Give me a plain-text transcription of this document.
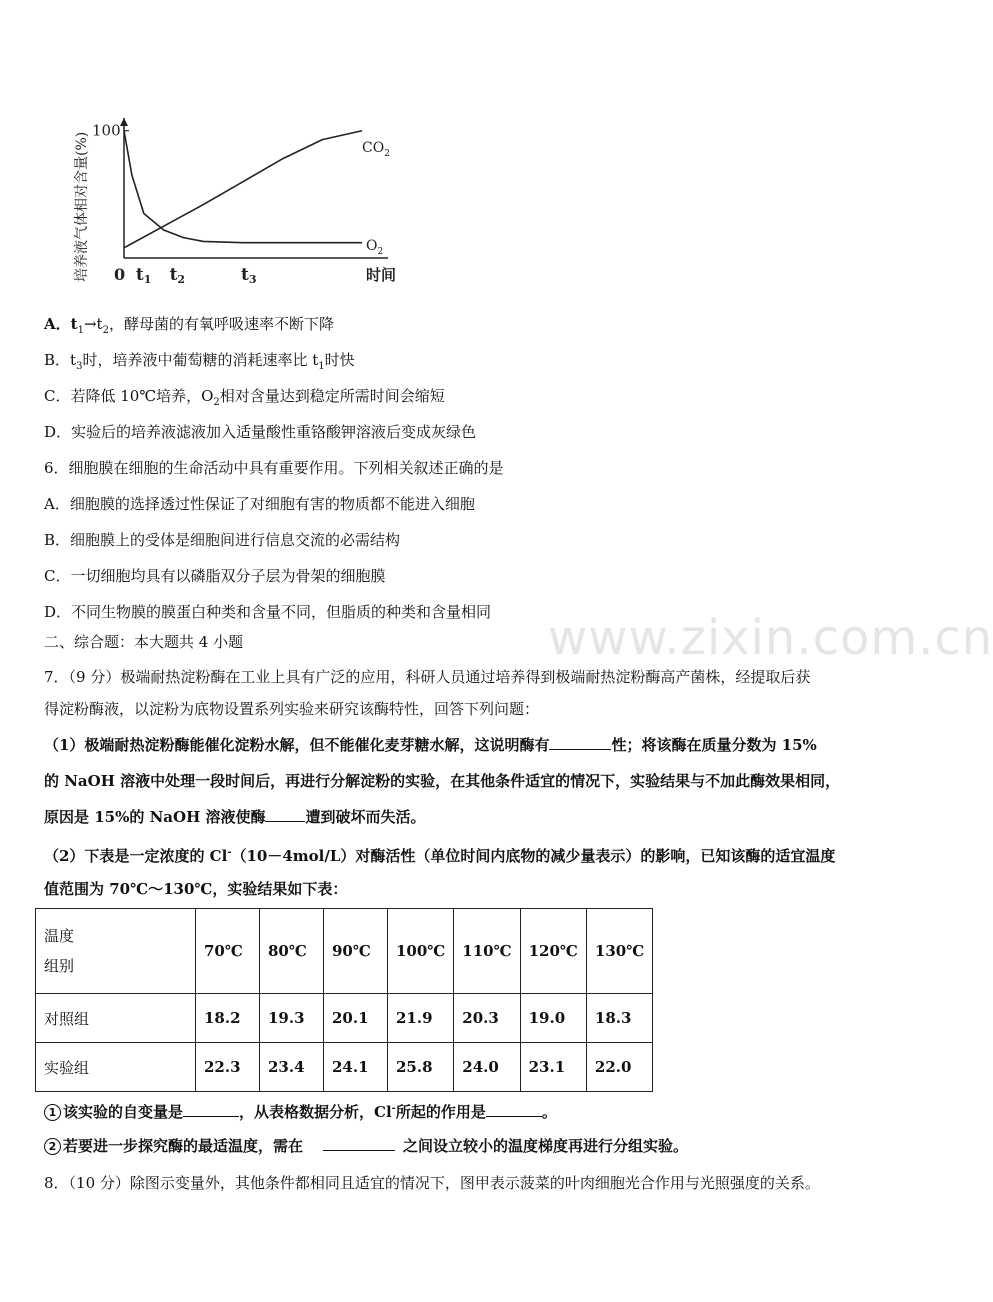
100
0 t1 t2	t3	时间
$CO_2$
$O_2$
培养液气体相对含量(%)
A．$t_1\to t_2$，酵母菌的有氧呼吸速率不断下降
B．$t_3$时，培养液中葡萄糖的消耗速率比 $t_1$时快
C．若降低 10℃培养，$O_2$相对含量达到稳定所需时间会缩短
D．实验后的培养液滤液加入适量酸性重铬酸钾溶液后变成灰绿色
6．细胞膜在细胞的生命活动中具有重要作用。下列相关叙述正确的是
A．细胞膜的选择透过性保证了对细胞有害的物质都不能进入细胞
B．细胞膜上的受体是细胞间进行信息交流的必需结构
C．一切细胞均具有以磷脂双分子层为骨架的细胞膜
D．不同生物膜的膜蛋白种类和含量不同，但脂质的种类和含量相同 www.zixin.com.cn
二、综合题：本大题共 4 小题
7．（9 分）极端耐热淀粉酶在工业上具有广泛的应用，科研人员通过培养得到极端耐热淀粉酶高产菌株，经提取后获
得淀粉酶液，以淀粉为底物设置系列实验来研究该酶特性，回答下列问题：
（1）极端耐热淀粉酶能催化淀粉水解，但不能催化麦芽糖水解，这说明酶有	性；将该酶在质量分数为 15%
的 NaOH 溶液中处理一段时间后，再进行分解淀粉的实验，在其他条件适宜的情况下，实验结果与不加此酶效果相同，
原因是 15%的 NaOH 溶液使酶	遭到破坏而失活。
（2）下表是一定浓度的 Cl-（10－4mol/L）对酶活性（单位时间内底物的减少量表示）的影响，已知该酶的适宜温度
值范围为 70℃～130℃，实验结果如下表：
温度
组别	70℃	80℃	90℃	100℃	110℃	120℃	130℃
对照组	18.2	19.3	20.1	21.9	20.3	19.0	18.3
实验组	22.3	23.4	24.1	25.8	24.0	23.1	22.0
1 该实验的自变量是	，从表格数据分析，Cl-所起的作用是	。
2 若要进一步探究酶的最适温度，需在	之间设立较小的温度梯度再进行分组实验。
8．（10 分）除图示变量外，其他条件都相同且适宜的情况下，图甲表示菠菜的叶肉细胞光合作用与光照强度的关系。
